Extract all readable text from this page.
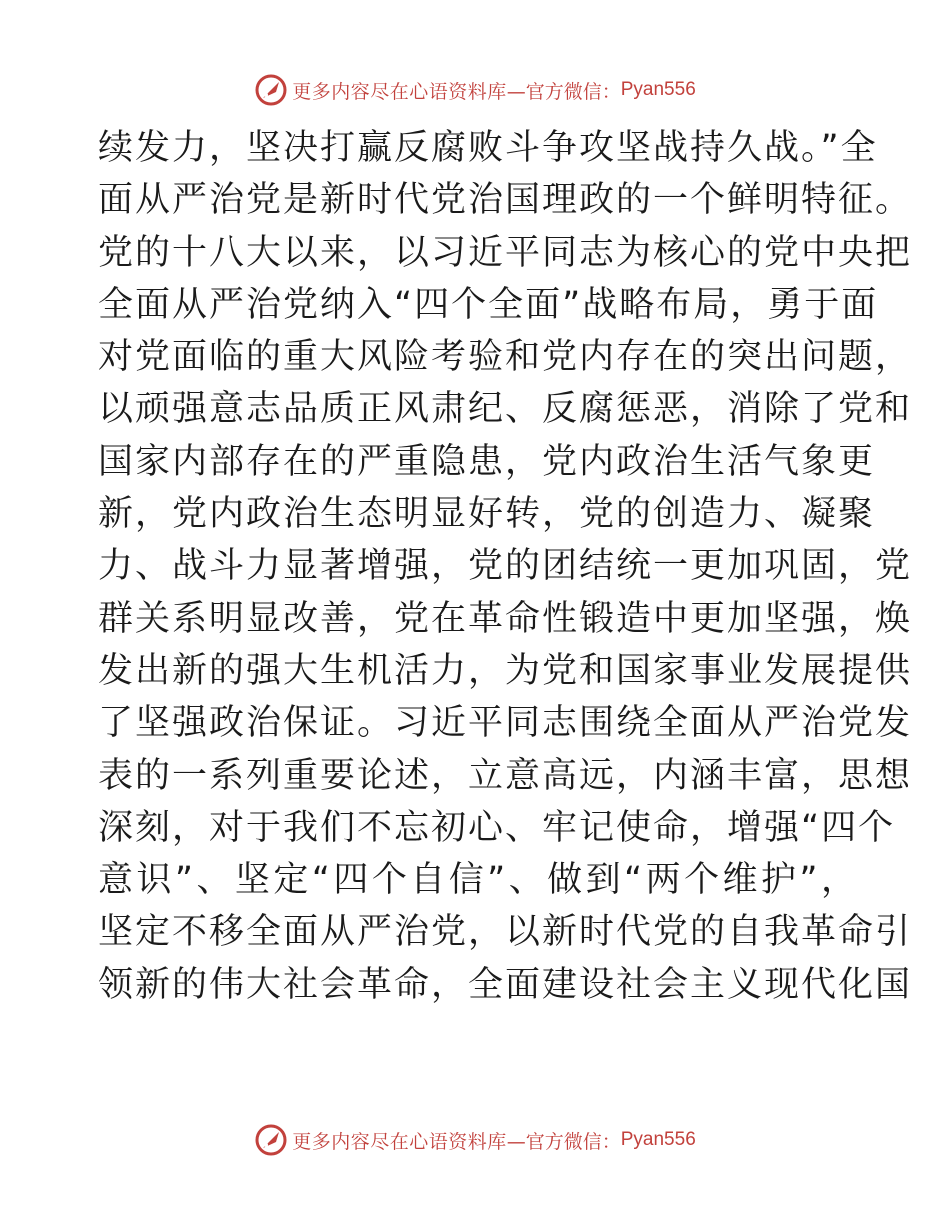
更多内容尽在心语资料库 —官方微信： Pyan556
续发力，坚决打赢反腐败斗争攻坚战持久战。”全
面从严治党是新时代党治国理政的一个鲜明特征。
党的十八大以来，以习近平同志为核心的党中央把
全面从严治党纳入“四个全面”战略布局，勇于面
对党面临的重大风险考验和党内存在的突出问题，
以顽强意志品质正风肃纪、反腐惩恶，消除了党和
国家内部存在的严重隐患，党内政治生活气象更
新，党内政治生态明显好转，党的创造力、凝聚
力、战斗力显著增强，党的团结统一更加巩固，党
群关系明显改善，党在革命性锻造中更加坚强，焕
发出新的强大生机活力，为党和国家事业发展提供
了坚强政治保证。习近平同志围绕全面从严治党发
表的一系列重要论述，立意高远，内涵丰富，思想
深刻，对于我们不忘初心、牢记使命，增强“四个
意识”、坚定“四个自信”、做到“两个维护”，
坚定不移全面从严治党，以新时代党的自我革命引
领新的伟大社会革命，全面建设社会主义现代化国
更多内容尽在心语资料库 —官方微信： Pyan556
